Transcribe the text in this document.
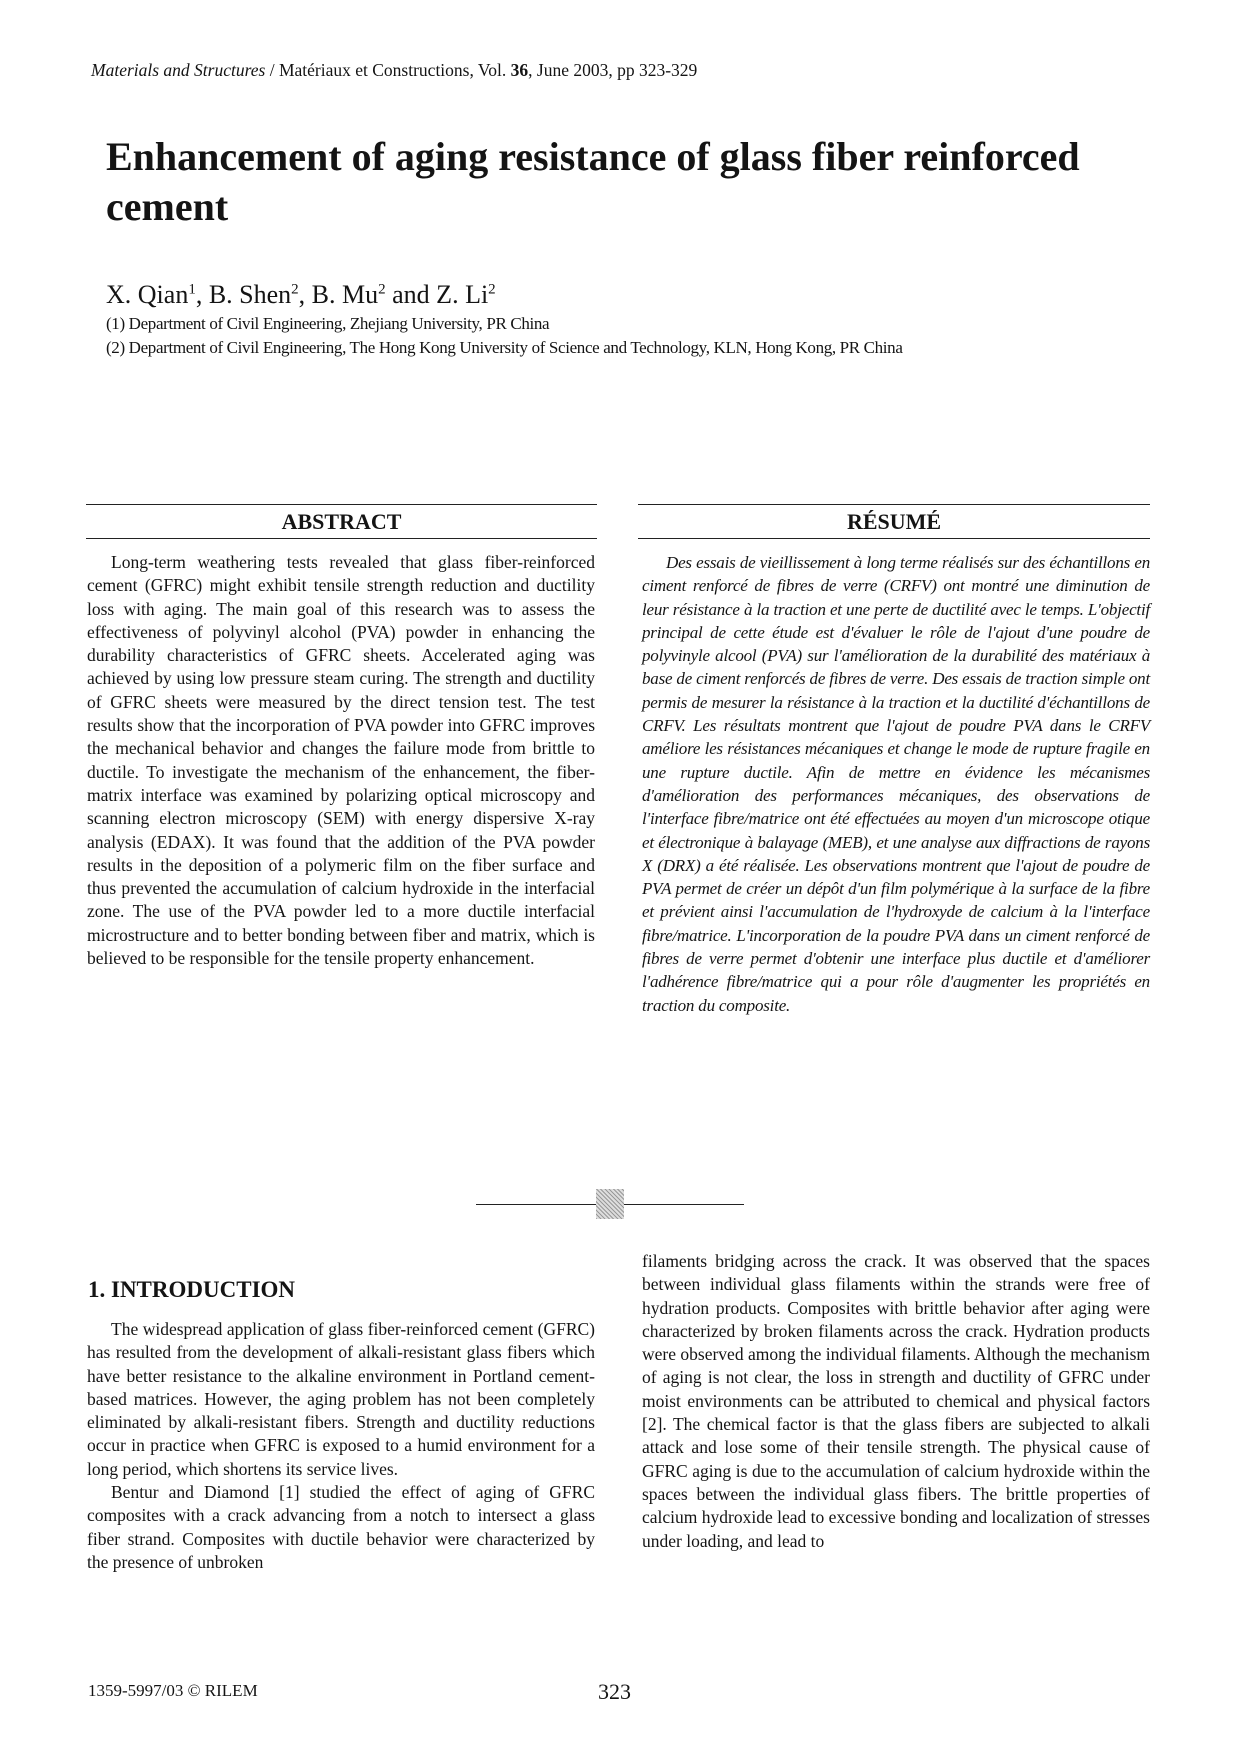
Materials and Structures / Matériaux et Constructions, Vol. 36, June 2003, pp 323-329
Enhancement of aging resistance of glass fiber reinforced cement
X. Qian$^1$, B. Shen$^2$, B. Mu$^2$ and Z. Li$^2$
(1) Department of Civil Engineering, Zhejiang University, PR China
(2) Department of Civil Engineering, The Hong Kong University of Science and Technology, KLN, Hong Kong, PR China
ABSTRACT

Long-term weathering tests revealed that glass fiber-reinforced cement (GFRC) might exhibit tensile strength reduction and ductility loss with aging. The main goal of this research was to assess the effectiveness of polyvinyl alcohol (PVA) powder in enhancing the durability characteristics of GFRC sheets. Accelerated aging was achieved by using low pressure steam curing. The strength and ductility of GFRC sheets were measured by the direct tension test. The test results show that the incorporation of PVA powder into GFRC improves the mechanical behavior and changes the failure mode from brittle to ductile. To investigate the mechanism of the enhancement, the fiber-matrix interface was examined by polarizing optical microscopy and scanning electron microscopy (SEM) with energy dispersive X-ray analysis (EDAX). It was found that the addition of the PVA powder results in the deposition of a polymeric film on the fiber surface and thus prevented the accumulation of calcium hydroxide in the interfacial zone. The use of the PVA powder led to a more ductile interfacial microstructure and to better bonding between fiber and matrix, which is believed to be responsible for the tensile property enhancement.

RÉSUMÉ

Des essais de vieillissement à long terme réalisés sur des échantillons en ciment renforcé de fibres de verre (CRFV) ont montré une diminution de leur résistance à la traction et une perte de ductilité avec le temps. L'objectif principal de cette étude est d'évaluer le rôle de l'ajout d'une poudre de polyvinyle alcool (PVA) sur l'amélioration de la durabilité des matériaux à base de ciment renforcés de fibres de verre. Des essais de traction simple ont permis de mesurer la résistance à la traction et la ductilité d'échantillons de CRFV. Les résultats montrent que l'ajout de poudre PVA dans le CRFV améliore les résistances mécaniques et change le mode de rupture fragile en une rupture ductile. Afin de mettre en évidence les mécanismes d'amélioration des performances mécaniques, des observations de l'interface fibre/matrice ont été effectuées au moyen d'un microscope otique et électronique à balayage (MEB), et une analyse aux diffractions de rayons X (DRX) a été réalisée. Les observations montrent que l'ajout de poudre de PVA permet de créer un dépôt d'un film polymérique à la surface de la fibre et prévient ainsi l'accumulation de l'hydroxyde de calcium à la l'interface fibre/matrice. L'incorporation de la poudre PVA dans un ciment renforcé de fibres de verre permet d'obtenir une interface plus ductile et d'améliorer l'adhérence fibre/matrice qui a pour rôle d'augmenter les propriétés en traction du composite.

1. INTRODUCTION

The widespread application of glass fiber-reinforced cement (GFRC) has resulted from the development of alkali-resistant glass fibers which have better resistance to the alkaline environment in Portland cement-based matrices. However, the aging problem has not been completely eliminated by alkali-resistant fibers. Strength and ductility reductions occur in practice when GFRC is exposed to a humid environment for a long period, which shortens its service lives.

Bentur and Diamond [1] studied the effect of aging of GFRC composites with a crack advancing from a notch to intersect a glass fiber strand. Composites with ductile behavior were characterized by the presence of unbroken

filaments bridging across the crack. It was observed that the spaces between individual glass filaments within the strands were free of hydration products. Composites with brittle behavior after aging were characterized by broken filaments across the crack. Hydration products were observed among the individual filaments. Although the mechanism of aging is not clear, the loss in strength and ductility of GFRC under moist environments can be attributed to chemical and physical factors [2]. The chemical factor is that the glass fibers are subjected to alkali attack and lose some of their tensile strength. The physical cause of GFRC aging is due to the accumulation of calcium hydroxide within the spaces between the individual glass fibers. The brittle properties of calcium hydroxide lead to excessive bonding and localization of stresses under loading, and lead to

1359-5997/03 © RILEM	323
